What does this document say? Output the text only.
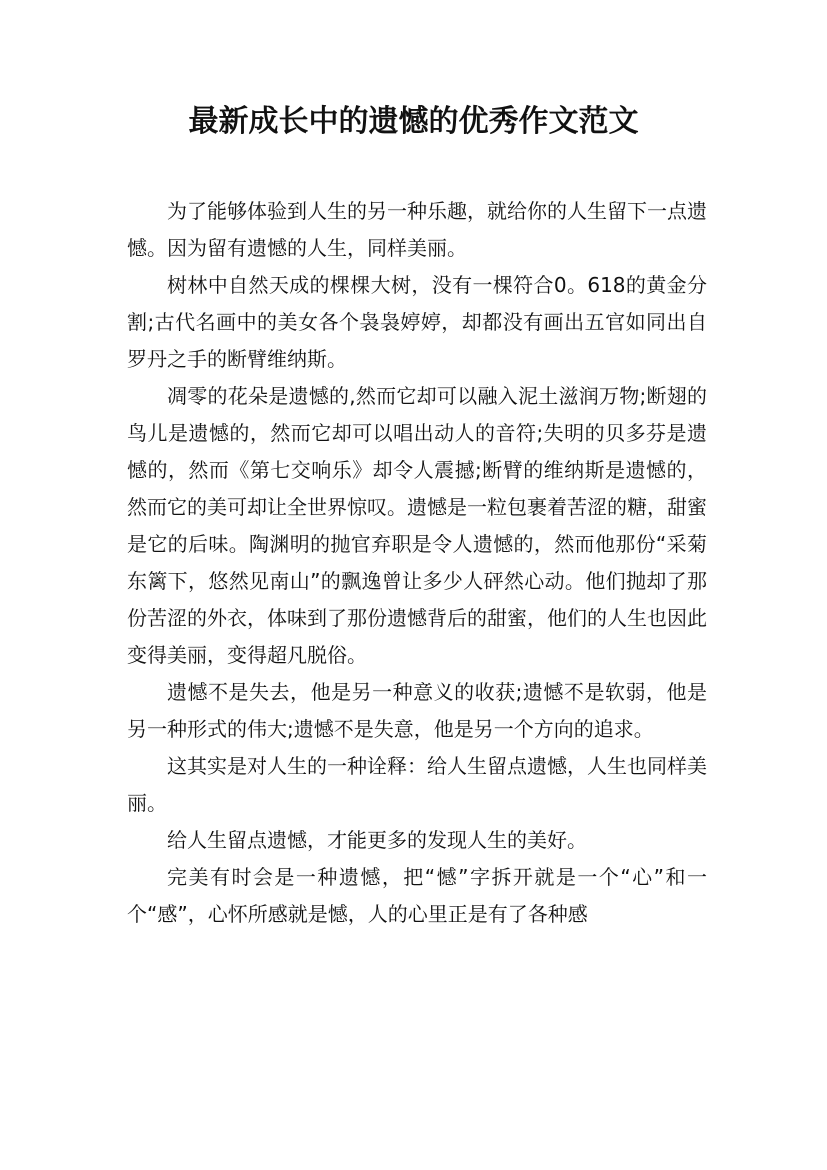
最新成长中的遗憾的优秀作文范文

为了能够体验到人生的另一种乐趣，就给你的人生留下一点遗憾。因为留有遗憾的人生，同样美丽。

树林中自然天成的棵棵大树，没有一棵符合0。618的黄金分割;古代名画中的美女各个袅袅婷婷，却都没有画出五官如同出自罗丹之手的断臂维纳斯。

凋零的花朵是遗憾的,然而它却可以融入泥土滋润万物;断翅的鸟儿是遗憾的，然而它却可以唱出动人的音符;失明的贝多芬是遗憾的，然而《第七交响乐》却令人震撼;断臂的维纳斯是遗憾的，然而它的美可却让全世界惊叹。遗憾是一粒包裹着苦涩的糖，甜蜜是它的后味。陶渊明的抛官弃职是令人遗憾的，然而他那份“采菊东篱下，悠然见南山”的飘逸曾让多少人砰然心动。他们抛却了那份苦涩的外衣，体味到了那份遗憾背后的甜蜜，他们的人生也因此变得美丽，变得超凡脱俗。

遗憾不是失去，他是另一种意义的收获;遗憾不是软弱，他是另一种形式的伟大;遗憾不是失意，他是另一个方向的追求。

这其实是对人生的一种诠释：给人生留点遗憾，人生也同样美丽。

给人生留点遗憾，才能更多的发现人生的美好。

完美有时会是一种遗憾，把“憾”字拆开就是一个“心”和一个“感”，心怀所感就是憾，人的心里正是有了各种感
